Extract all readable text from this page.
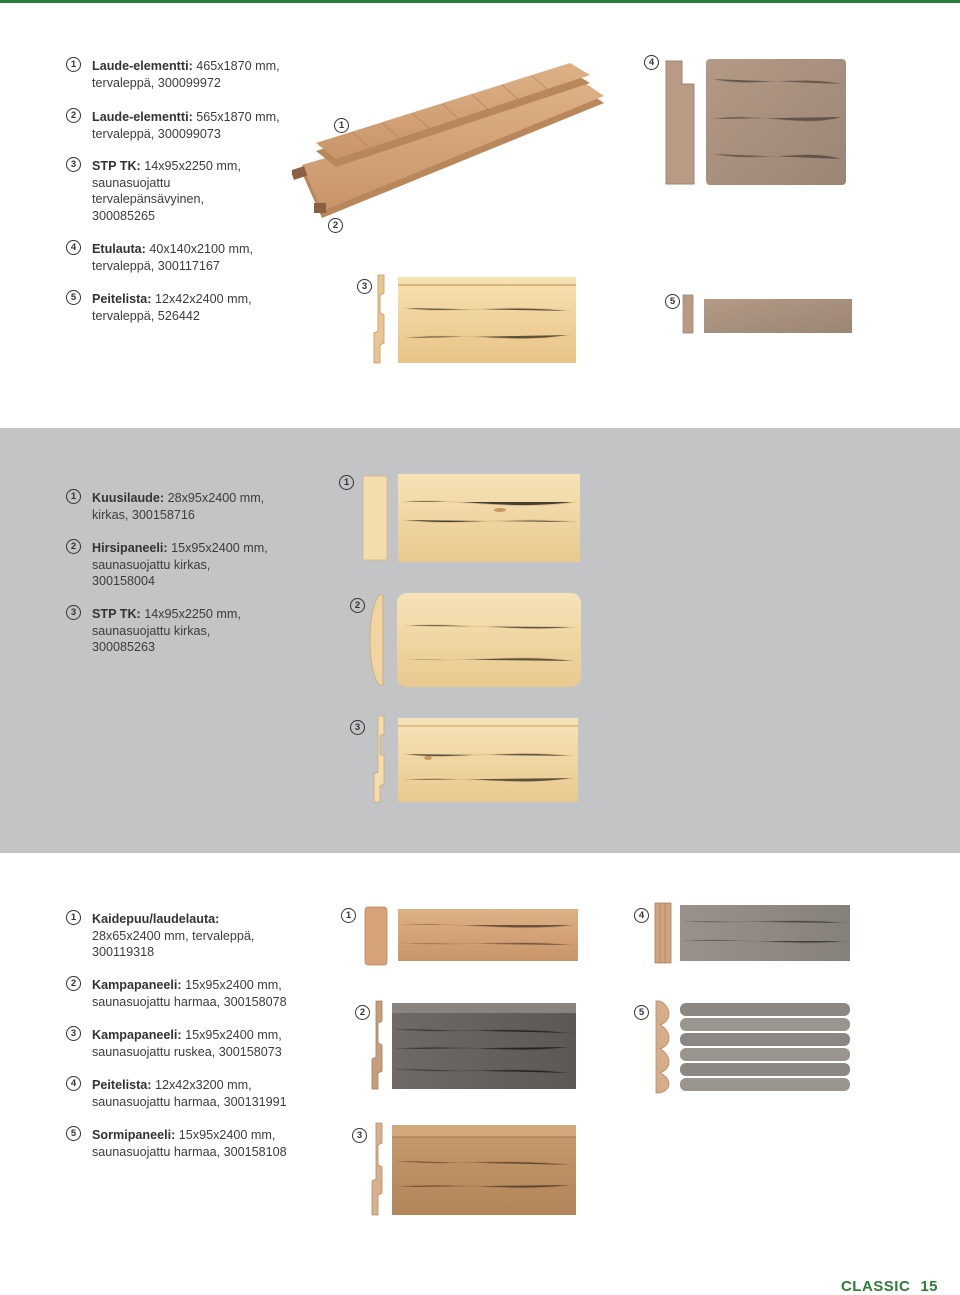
1	Laude-elementti: 465x1870 mm,
tervaleppä, 300099972
2	Laude-elementti: 565x1870 mm,
tervaleppä, 300099073
3	STP TK: 14x95x2250 mm,
saunasuojattu
tervalepänsävyinen,
300085265
4	Etulauta: 40x140x2100 mm,
tervaleppä, 300117167
5	Peitelista: 12x42x2400 mm,
tervaleppä, 526442
1
2
3
4
5
1	Kuusilaude: 28x95x2400 mm,
kirkas, 300158716
2	Hirsipaneeli: 15x95x2400 mm,
saunasuojattu kirkas,
300158004
3	STP TK: 14x95x2250 mm,
saunasuojattu kirkas,
300085263
1
2
3
1	Kaidepuu/laudelauta:
28x65x2400 mm, tervaleppä,
300119318
2	Kampapaneeli: 15x95x2400 mm,
saunasuojattu harmaa, 300158078
3	Kampapaneeli: 15x95x2400 mm,
saunasuojattu ruskea, 300158073
4	Peitelista: 12x42x3200 mm,
saunasuojattu harmaa, 300131991
5	Sormipaneeli: 15x95x2400 mm,
saunasuojattu harmaa, 300158108
1
2
3
4
5
CLASSIC 15
